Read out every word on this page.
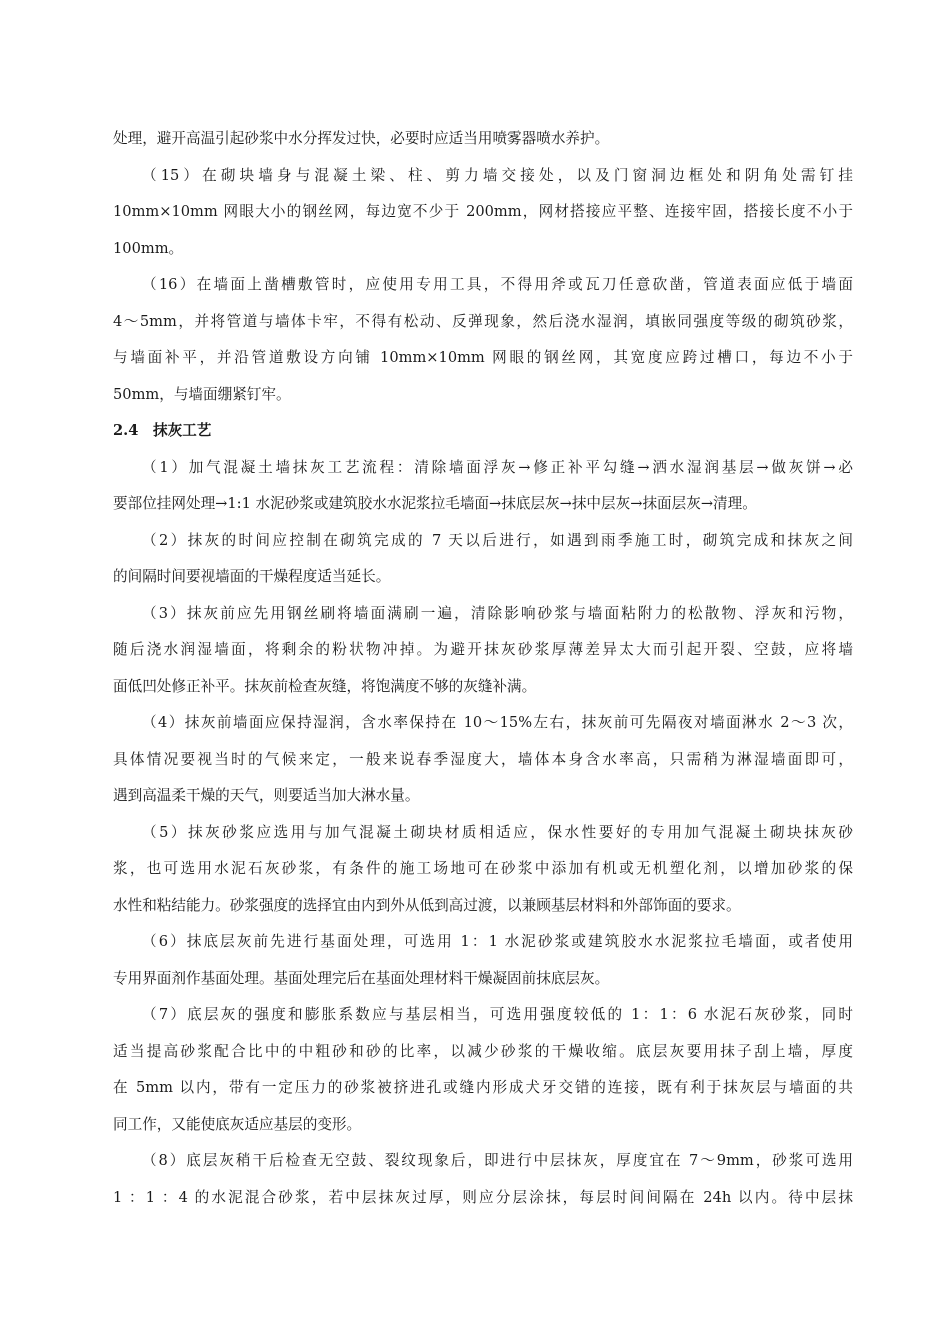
处理，避开高温引起砂浆中水分挥发过快，必要时应适当用喷雾器喷水养护。
（15）在砌块墙身与混凝土梁、柱、剪力墙交接处，以及门窗洞边框处和阴角处需钉挂
10mm×10mm 网眼大小的钢丝网，每边宽不少于 200mm，网材搭接应平整、连接牢固，搭接长度不小于
100mm。
（16）在墙面上凿槽敷管时，应使用专用工具，不得用斧或瓦刀任意砍凿，管道表面应低于墙面
4～5mm，并将管道与墙体卡牢，不得有松动、反弹现象，然后浇水湿润，填嵌同强度等级的砌筑砂浆，
与墙面补平，并沿管道敷设方向铺 10mm×10mm 网眼的钢丝网，其宽度应跨过槽口，每边不小于
50mm，与墙面绷紧钉牢。
2.4　抹灰工艺
（1）加气混凝土墙抹灰工艺流程：清除墙面浮灰→修正补平勾缝→洒水湿润基层→做灰饼→必
要部位挂网处理→1:1 水泥砂浆或建筑胶水水泥浆拉毛墙面→抹底层灰→抹中层灰→抹面层灰→清理。
（2）抹灰的时间应控制在砌筑完成的 7 天以后进行，如遇到雨季施工时，砌筑完成和抹灰之间
的间隔时间要视墙面的干燥程度适当延长。
（3）抹灰前应先用钢丝刷将墙面满刷一遍，清除影响砂浆与墙面粘附力的松散物、浮灰和污物，
随后浇水润湿墙面，将剩余的粉状物冲掉。为避开抹灰砂浆厚薄差异太大而引起开裂、空鼓，应将墙
面低凹处修正补平。抹灰前检查灰缝，将饱满度不够的灰缝补满。
（4）抹灰前墙面应保持湿润，含水率保持在 10～15%左右，抹灰前可先隔夜对墙面淋水 2～3 次，
具体情况要视当时的气候来定，一般来说春季湿度大，墙体本身含水率高，只需稍为淋湿墙面即可，
遇到高温柔干燥的天气，则要适当加大淋水量。
（5）抹灰砂浆应选用与加气混凝土砌块材质相适应，保水性要好的专用加气混凝土砌块抹灰砂
浆，也可选用水泥石灰砂浆，有条件的施工场地可在砂浆中添加有机或无机塑化剂，以增加砂浆的保
水性和粘结能力。砂浆强度的选择宜由内到外从低到高过渡，以兼顾基层材料和外部饰面的要求。
（6）抹底层灰前先进行基面处理，可选用 1：1 水泥砂浆或建筑胶水水泥浆拉毛墙面，或者使用
专用界面剂作基面处理。基面处理完后在基面处理材料干燥凝固前抹底层灰。
（7）底层灰的强度和膨胀系数应与基层相当，可选用强度较低的 1：1：6 水泥石灰砂浆，同时
适当提高砂浆配合比中的中粗砂和砂的比率，以减少砂浆的干燥收缩。底层灰要用抹子刮上墙，厚度
在 5mm 以内，带有一定压力的砂浆被挤进孔或缝内形成犬牙交错的连接，既有利于抹灰层与墙面的共
同工作，又能使底灰适应基层的变形。
（8）底层灰稍干后检查无空鼓、裂纹现象后，即进行中层抹灰，厚度宜在 7～9mm，砂浆可选用
1 ：1 ：4 的水泥混合砂浆，若中层抹灰过厚，则应分层涂抹，每层时间间隔在 24h 以内。待中层抹
